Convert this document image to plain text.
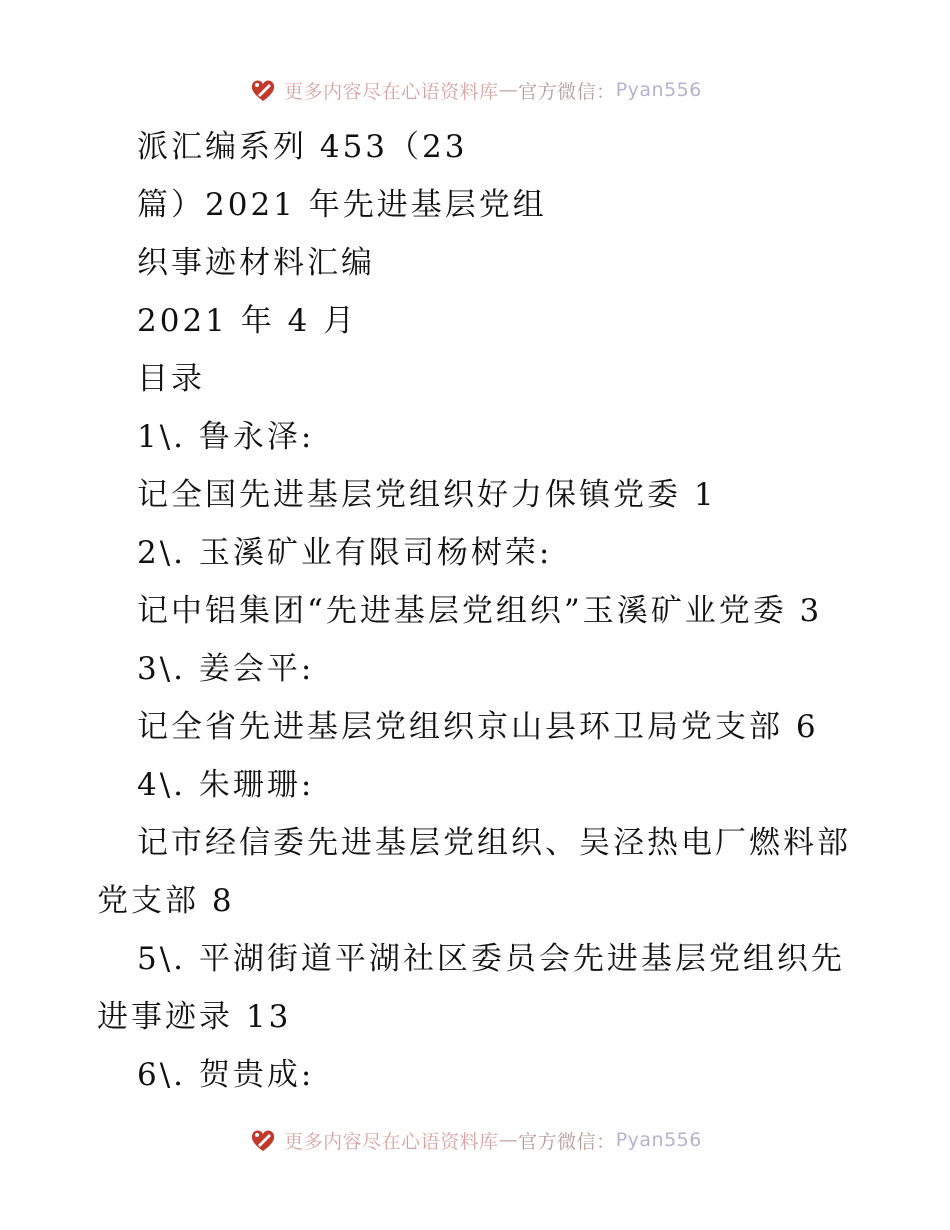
更多内容尽在心语资料库 — 官方微信： Pyan556
派汇编系列 453（23
篇）2021 年先进基层党组
织事迹材料汇编
2021 年 4 月
目录
1\. 鲁永泽:
记全国先进基层党组织好力保镇党委 1
2\. 玉溪矿业有限司杨树荣:
记中铝集团“先进基层党组织”玉溪矿业党委 3
3\. 姜会平:
记全省先进基层党组织京山县环卫局党支部 6
4\. 朱珊珊:
记市经信委先进基层党组织、吴泾热电厂燃料部
党支部 8
5\. 平湖街道平湖社区委员会先进基层党组织先
进事迹录 13
6\. 贺贵成:
更多内容尽在心语资料库 — 官方微信： Pyan556
